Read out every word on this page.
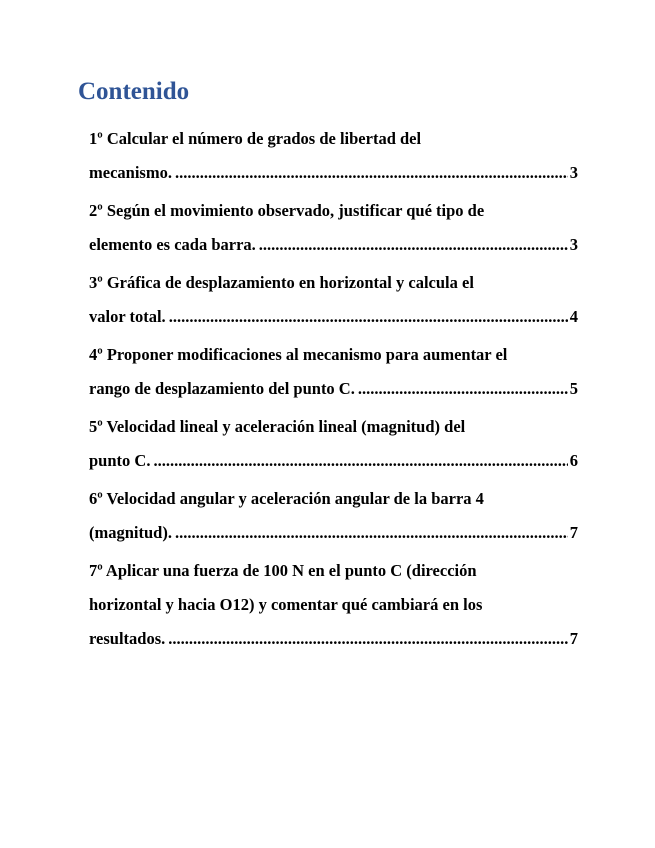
Contenido
1º Calcular el número de grados de libertad del
mecanismo. .....	3
2º Según el movimiento observado, justificar qué tipo de
elemento es cada barra. .....	3
3º Gráfica de desplazamiento en horizontal y calcula el
valor total. .....	4
4º Proponer modificaciones al mecanismo para aumentar el
rango de desplazamiento del punto C. .....	5
5º Velocidad lineal y aceleración lineal (magnitud) del
punto C. .....	6
6º Velocidad angular y aceleración angular de la barra 4
(magnitud). .....	7
7º Aplicar una fuerza de 100 N en el punto C (dirección
horizontal y hacia O12) y comentar qué cambiará en los
resultados. .....	7
